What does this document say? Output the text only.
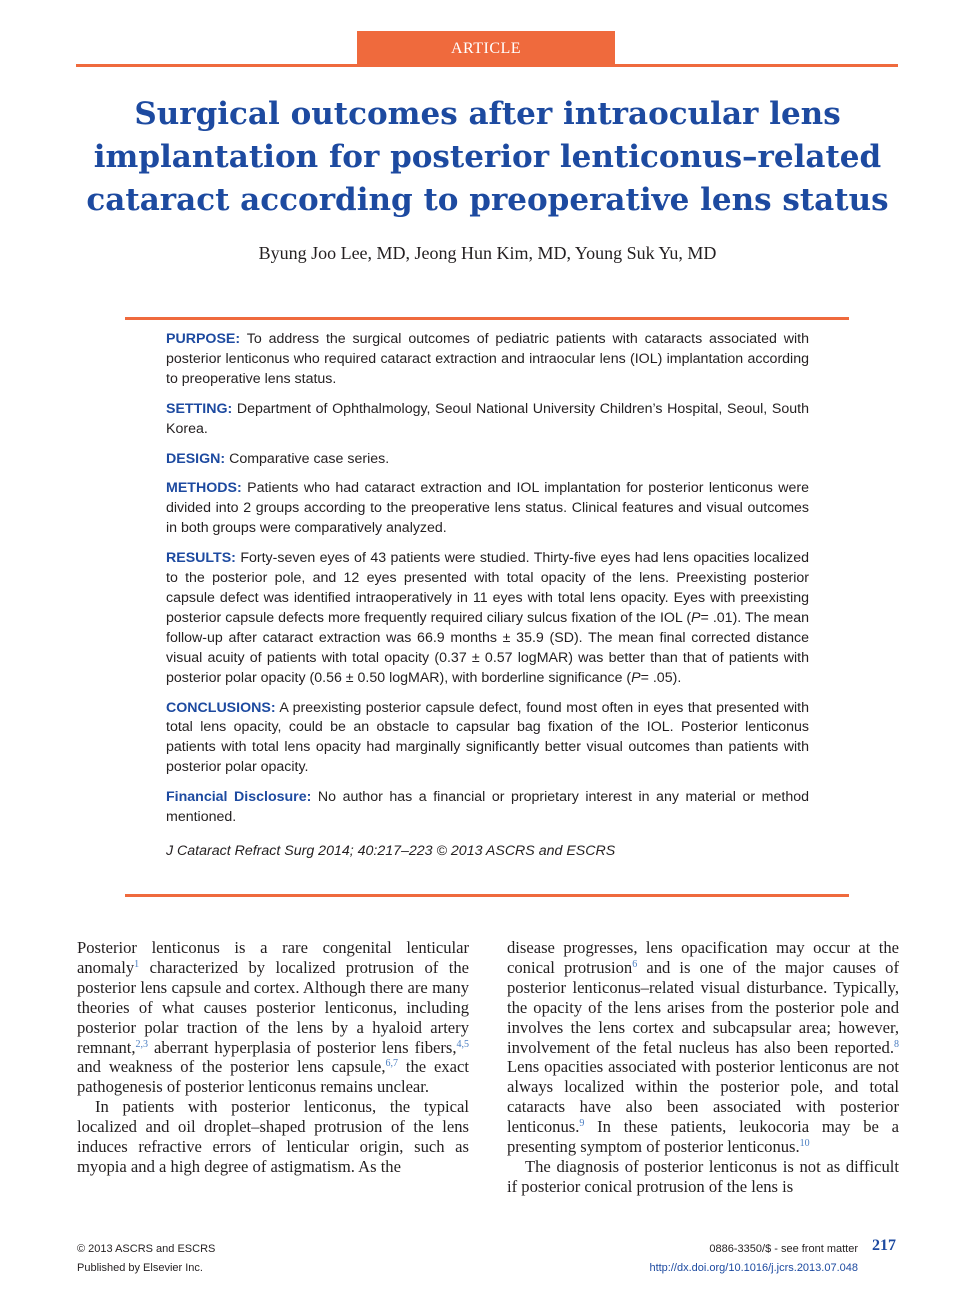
ARTICLE
Surgical outcomes after intraocular lens
implantation for posterior lenticonus–related
cataract according to preoperative lens status
Byung Joo Lee, MD, Jeong Hun Kim, MD, Young Suk Yu, MD

PURPOSE: To address the surgical outcomes of pediatric patients with cataracts associated with posterior lenticonus who required cataract extraction and intraocular lens (IOL) implantation according to preoperative lens status.

SETTING: Department of Ophthalmology, Seoul National University Children’s Hospital, Seoul, South Korea.

DESIGN: Comparative case series.

METHODS: Patients who had cataract extraction and IOL implantation for posterior lenticonus were divided into 2 groups according to the preoperative lens status. Clinical features and visual outcomes in both groups were comparatively analyzed.

RESULTS: Forty-seven eyes of 43 patients were studied. Thirty-five eyes had lens opacities localized to the posterior pole, and 12 eyes presented with total opacity of the lens. Preexisting posterior capsule defect was identified intraoperatively in 11 eyes with total lens opacity. Eyes with preexisting posterior capsule defects more frequently required ciliary sulcus fixation of the IOL (P= .01). The mean follow-up after cataract extraction was 66.9 months ± 35.9 (SD). The mean final corrected distance visual acuity of patients with total opacity (0.37 ± 0.57 logMAR) was better than that of patients with posterior polar opacity (0.56 ± 0.50 logMAR), with borderline significance (P= .05).

CONCLUSIONS: A preexisting posterior capsule defect, found most often in eyes that presented with total lens opacity, could be an obstacle to capsular bag fixation of the IOL. Posterior lenticonus patients with total lens opacity had marginally significantly better visual outcomes than patients with posterior polar opacity.

Financial Disclosure: No author has a financial or proprietary interest in any material or method mentioned.

J Cataract Refract Surg 2014; 40:217–223 © 2013 ASCRS and ESCRS

Posterior lenticonus is a rare congenital lenticular anomaly$^1$ characterized by localized protrusion of the posterior lens capsule and cortex. Although there are many theories of what causes posterior lenticonus, including posterior polar traction of the lens by a hyaloid artery remnant,$^{2,3}$ aberrant hyperplasia of posterior lens fibers,$^{4,5}$ and weakness of the posterior lens capsule,$^{6,7}$ the exact pathogenesis of posterior lenticonus remains unclear.

In patients with posterior lenticonus, the typical localized and oil droplet–shaped protrusion of the lens induces refractive errors of lenticular origin, such as myopia and a high degree of astigmatism. As the

disease progresses, lens opacification may occur at the conical protrusion$^6$ and is one of the major causes of posterior lenticonus–related visual disturbance. Typically, the opacity of the lens arises from the posterior pole and involves the lens cortex and subcapsular area; however, involvement of the fetal nucleus has also been reported.$^8$ Lens opacities associated with posterior lenticonus are not always localized within the posterior pole, and total cataracts have also been associated with posterior lenticonus.$^9$ In these patients, leukocoria may be a presenting symptom of posterior lenticonus.$^{10}$

The diagnosis of posterior lenticonus is not as difficult if posterior conical protrusion of the lens is

© 2013 ASCRS and ESCRS
Published by Elsevier Inc.
0886-3350/$ - see front matter
http://dx.doi.org/10.1016/j.jcrs.2013.07.048
217
